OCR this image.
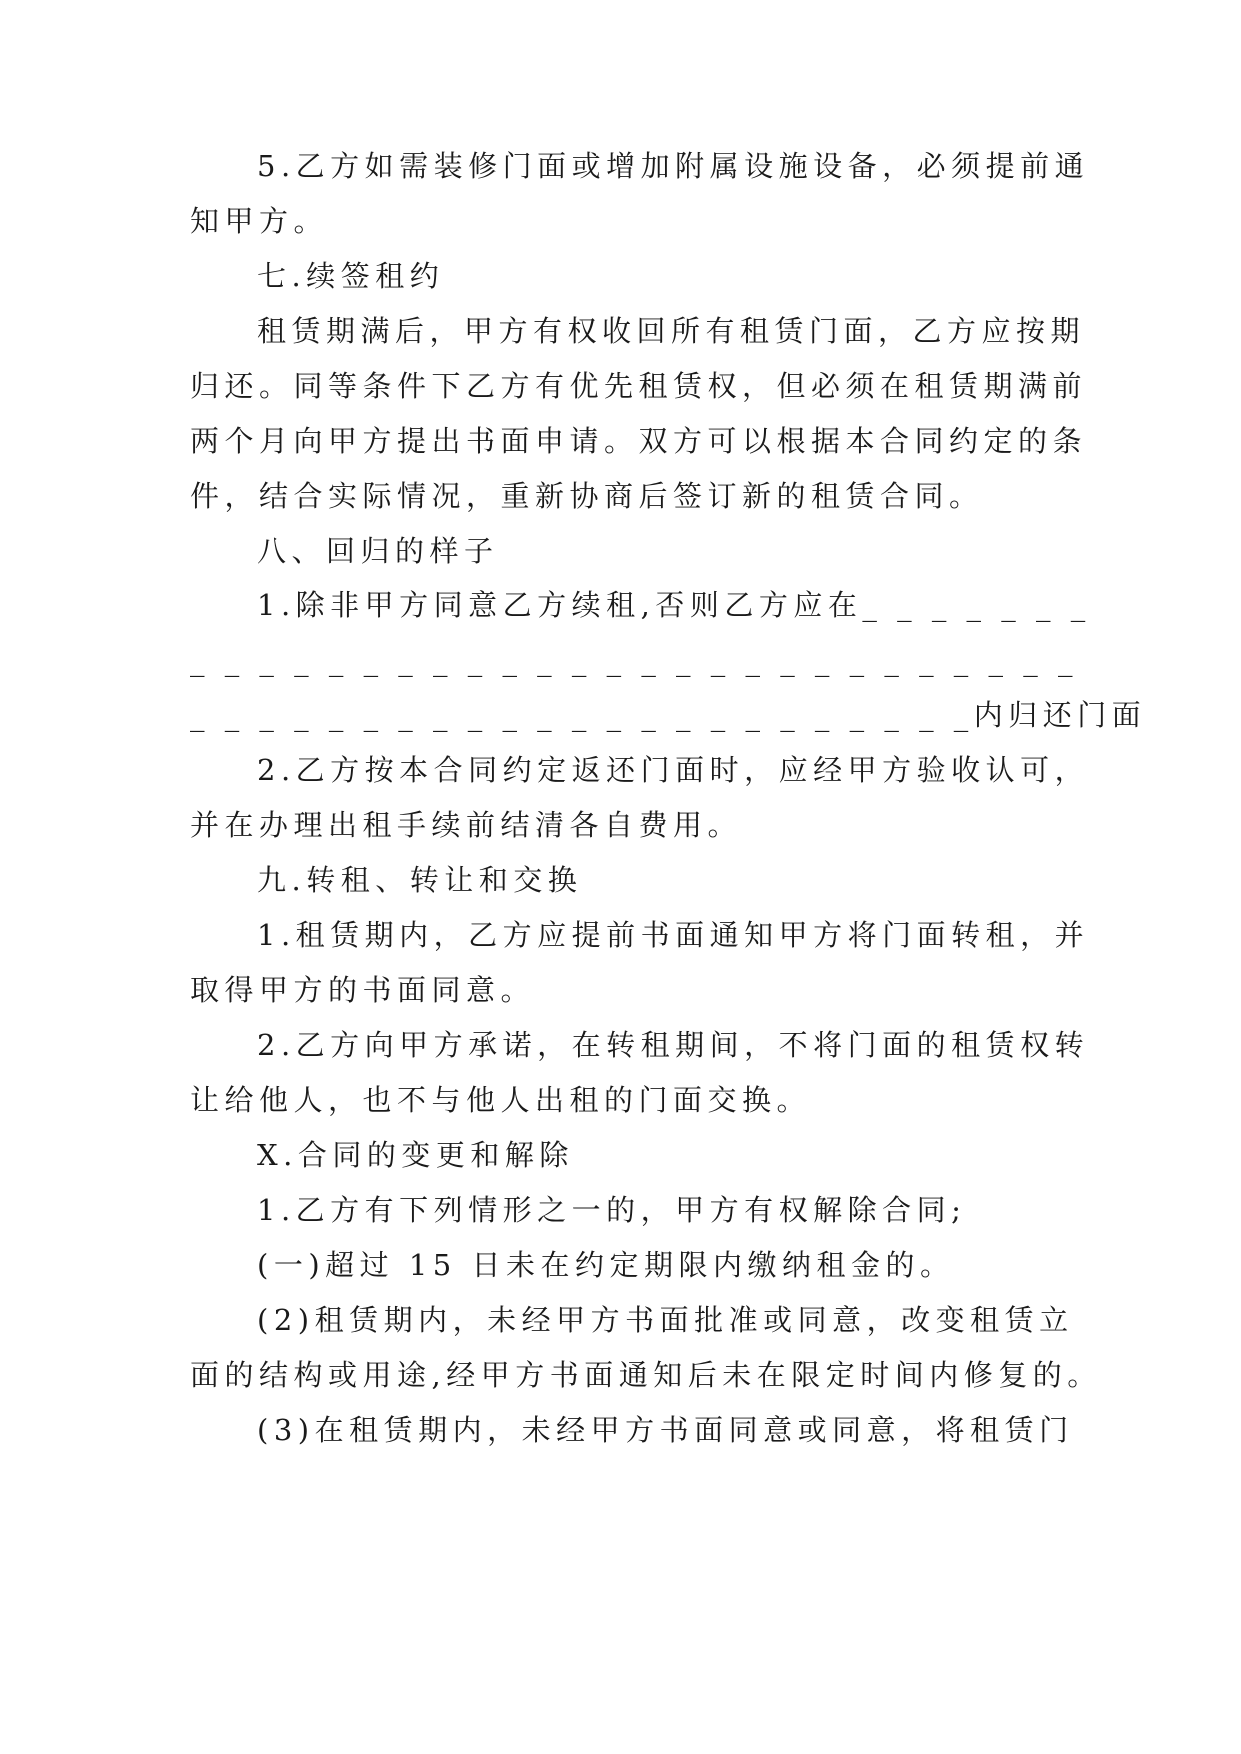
5.乙方如需装修门面或增加附属设施设备，必须提前通
知甲方。
七.续签租约
租赁期满后，甲方有权收回所有租赁门面，乙方应按期
归还。同等条件下乙方有优先租赁权，但必须在租赁期满前
两个月向甲方提出书面申请。双方可以根据本合同约定的条
件，结合实际情况，重新协商后签订新的租赁合同。
八、回归的样子
1.除非甲方同意乙方续租,否则乙方应在_ _ _ _ _ _ _
_ _ _ _ _ _ _ _ _ _ _ _ _ _ _ _ _ _ _ _ _ _ _ _ _ _
_ _ _ _ _ _ _ _ _ _ _ _ _ _ _ _ _ _ _ _ _ _ _内归还门面
2.乙方按本合同约定返还门面时，应经甲方验收认可，
并在办理出租手续前结清各自费用。
九.转租、转让和交换
1.租赁期内，乙方应提前书面通知甲方将门面转租，并
取得甲方的书面同意。
2.乙方向甲方承诺，在转租期间，不将门面的租赁权转
让给他人，也不与他人出租的门面交换。
X.合同的变更和解除
1.乙方有下列情形之一的，甲方有权解除合同;
(一)超过 15 日未在约定期限内缴纳租金的。
(2)租赁期内，未经甲方书面批准或同意，改变租赁立
面的结构或用途,经甲方书面通知后未在限定时间内修复的。
(3)在租赁期内，未经甲方书面同意或同意，将租赁门
